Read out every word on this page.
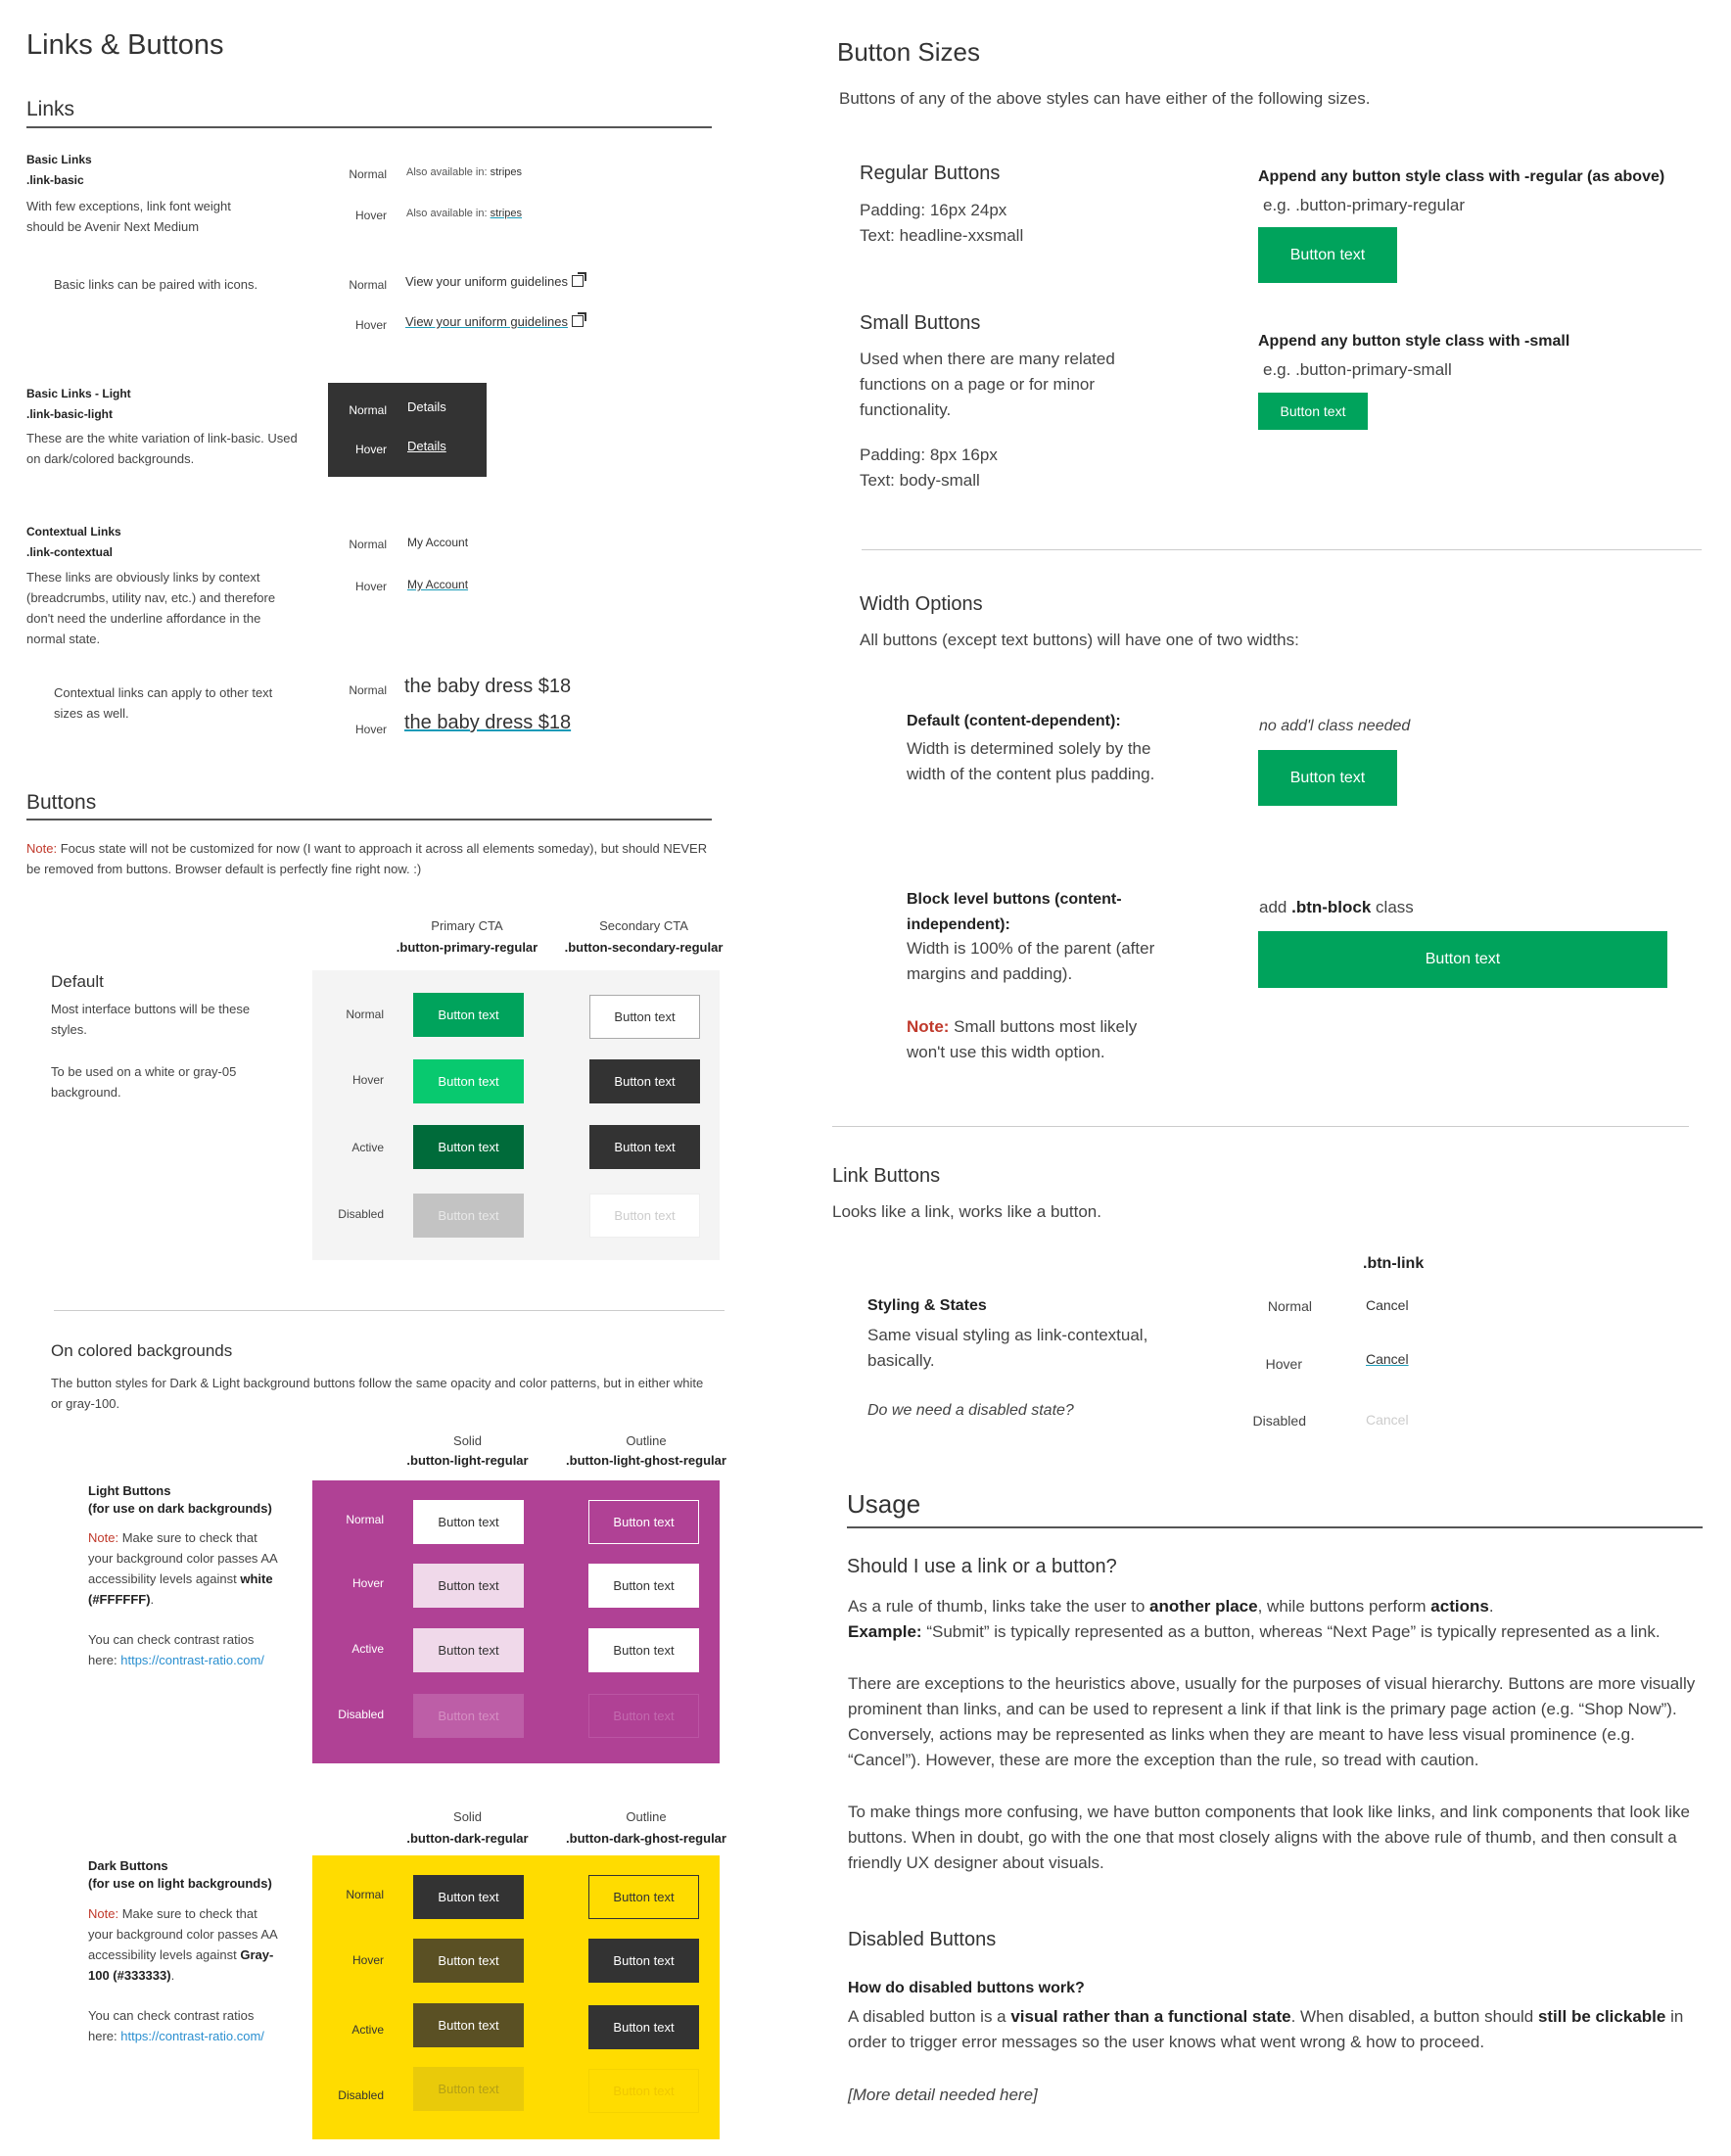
Links & Buttons
Links
Basic Links
.link-basic
With few exceptions, link font weight should be Avenir Next Medium
Normal
Hover
Also available in: stripes
Also available in: stripes
Basic links can be paired with icons.	Normal
Hover
View your uniform guidelines
View your uniform guidelines
Basic Links - Light
.link-basic-light
These are the white variation of link-basic. Used on dark/colored backgrounds.
Normal Details
Hover Details
Contextual Links
.link-contextual
These links are obviously links by context (breadcrumbs, utility nav, etc.) and therefore don't need the underline affordance in the normal state.
Normal
Hover
My Account
My Account
Contextual links can apply to other text sizes as well.
Normal
Hover
the baby dress $18
the baby dress $18
Buttons
Note: Focus state will not be customized for now (I want to approach it across all elements someday), but should NEVER be removed from buttons. Browser default is perfectly fine right now. :)
Primary CTA
.button-primary-regular
Secondary CTA
.button-secondary-regular
Default
Most interface buttons will be these styles.
To be used on a white or gray-05 background.
Normal
Hover
Active
Disabled
Button text
Button text
Button text
Button text
Button text
Button text
Button text
Button text
On colored backgrounds
The button styles for Dark & Light background buttons follow the same opacity and color patterns, but in either white or gray-100.
Solid
.button-light-regular
Outline
.button-light-ghost-regular
Light Buttons
(for use on dark backgrounds)
Note: Make sure to check that your background color passes AA accessibility levels against white (#FFFFFF).
You can check contrast ratios here: https://contrast-ratio.com/
Normal
Hover
Active
Disabled
Button text
Button text
Button text
Button text
Button text
Button text
Button text
Button text
Solid
.button-dark-regular
Outline
.button-dark-ghost-regular
Dark Buttons
(for use on light backgrounds)
Note: Make sure to check that your background color passes AA accessibility levels against Gray-100 (#333333).
You can check contrast ratios here: https://contrast-ratio.com/
Normal
Hover
Active
Disabled
Button text
Button text
Button text
Button text
Button text
Button text
Button text
Button text
Button Sizes
Buttons of any of the above styles can have either of the following sizes.
Regular Buttons
Padding: 16px 24px
Text: headline-xxsmall
Append any button style class with -regular (as above)
e.g. .button-primary-regular
Button text
Small Buttons
Used when there are many related functions on a page or for minor functionality.
Padding: 8px 16px
Text: body-small
Append any button style class with -small
e.g. .button-primary-small
Button text
Width Options
All buttons (except text buttons) will have one of two widths:
Default (content-dependent):
Width is determined solely by the width of the content plus padding.
no add'l class needed
Button text
Block level buttons (content-independent):
Width is 100% of the parent (after margins and padding).
Note: Small buttons most likely won't use this width option.
add .btn-block class
Button text
Link Buttons
Looks like a link, works like a button.
.btn-link
Styling & States
Same visual styling as link-contextual, basically.
Do we need a disabled state?
Normal
Hover
Disabled
Cancel
Cancel
Cancel
Usage
Should I use a link or a button?
As a rule of thumb, links take the user to another place, while buttons perform actions.
Example: “Submit” is typically represented as a button, whereas “Next Page” is typically represented as a link.
There are exceptions to the heuristics above, usually for the purposes of visual hierarchy. Buttons are more visually prominent than links, and can be used to represent a link if that link is the primary page action (e.g. “Shop Now”). Conversely, actions may be represented as links when they are meant to have less visual prominence (e.g. “Cancel”). However, these are more the exception than the rule, so tread with caution.
To make things more confusing, we have button components that look like links, and link components that look like buttons. When in doubt, go with the one that most closely aligns with the above rule of thumb, and then consult a friendly UX designer about visuals.
Disabled Buttons
How do disabled buttons work?
A disabled button is a visual rather than a functional state. When disabled, a button should still be clickable in order to trigger error messages so the user knows what went wrong & how to proceed.
[More detail needed here]
